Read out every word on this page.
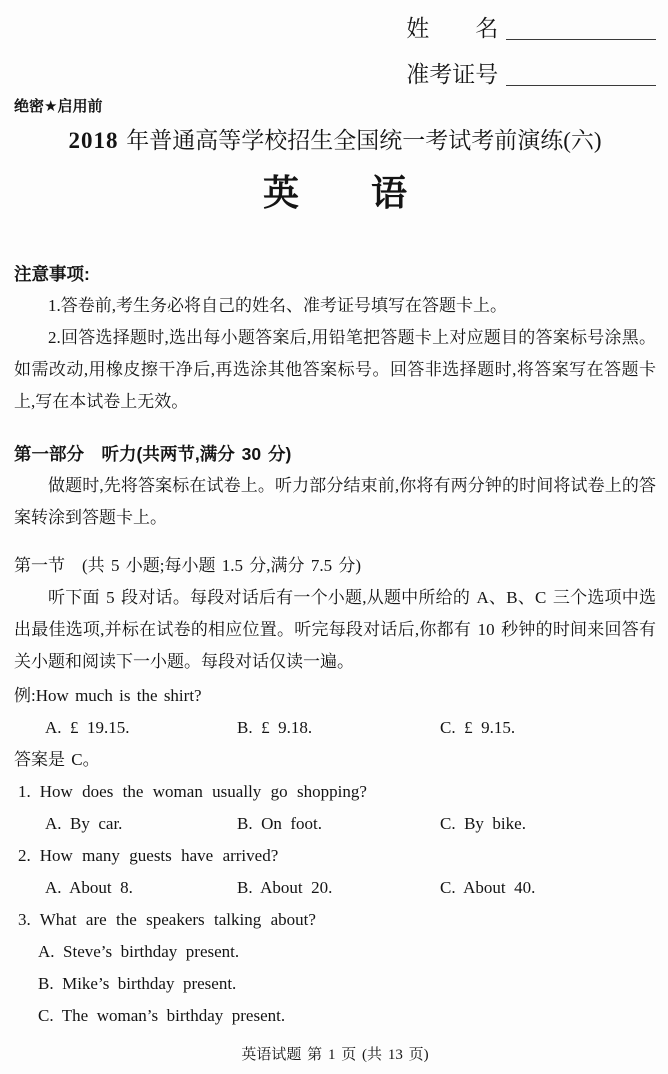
姓　　名
准考证号
绝密★启用前
2018 年普通高等学校招生全国统一考试考前演练(六)
英　　语
注意事项:

1.答卷前,考生务必将自己的姓名、准考证号填写在答题卡上。

2.回答选择题时,选出每小题答案后,用铅笔把答题卡上对应题目的答案标号涂黑。如需改动,用橡皮擦干净后,再选涂其他答案标号。回答非选择题时,将答案写在答题卡上,写在本试卷上无效。

第一部分　听力(共两节,满分 30 分)

做题时,先将答案标在试卷上。听力部分结束前,你将有两分钟的时间将试卷上的答案转涂到答题卡上。

第一节　(共 5 小题;每小题 1.5 分,满分 7.5 分)

听下面 5 段对话。每段对话后有一个小题,从题中所给的 A、B、C 三个选项中选出最佳选项,并标在试卷的相应位置。听完每段对话后,你都有 10 秒钟的时间来回答有关小题和阅读下一小题。每段对话仅读一遍。

例:How much is the shirt?
A. £ 19.15.	B. £ 9.18.	C. £ 9.15.
答案是 C。
1. How does the woman usually go shopping?
A. By car.	B. On foot.	C. By bike.
2. How many guests have arrived?
A. About 8.	B. About 20.	C. About 40.
3. What are the speakers talking about?
A. Steve’s birthday present.
B. Mike’s birthday present.
C. The woman’s birthday present.
英语试题 第 1 页 (共 13 页)
